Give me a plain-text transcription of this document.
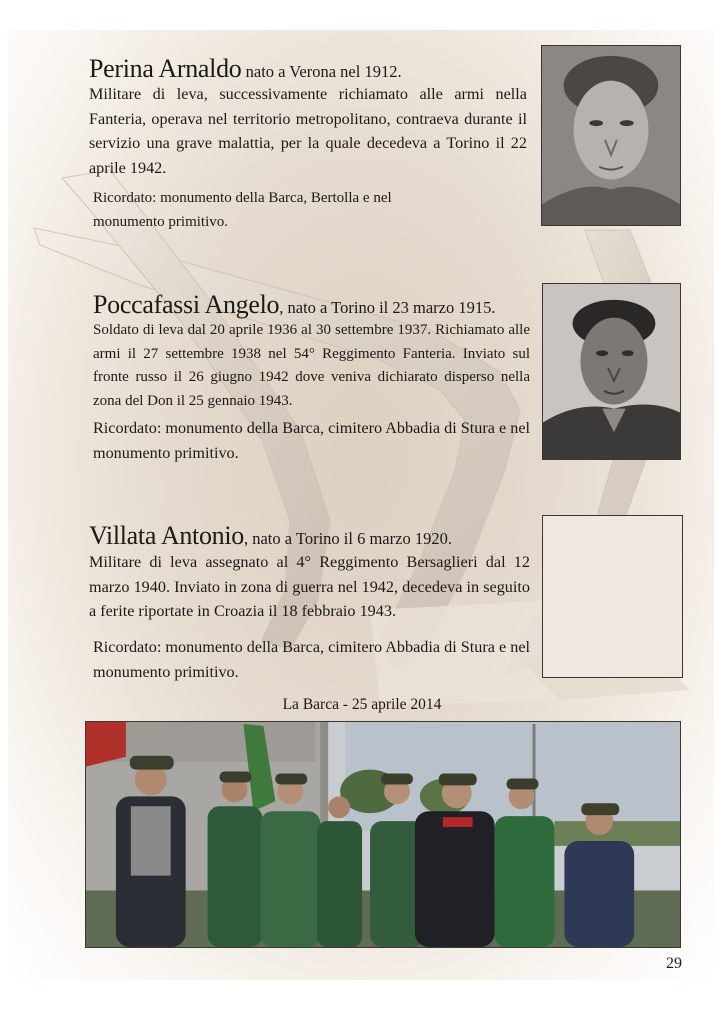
Perina Arnaldo nato a Verona nel 1912.

Militare di leva, successivamente richiamato alle armi nella Fanteria, operava nel territorio metropolitano, contraeva durante il servizio una grave malattia, per la quale decedeva a Torino il 22 aprile 1942.

Ricordato: monumento della Barca, Bertolla e nel monumento primitivo.

Poccafassi Angelo, nato a Torino il 23 marzo 1915.

Soldato di leva dal 20 aprile 1936 al 30 settembre 1937. Richiamato alle armi il 27 settembre 1938 nel 54° Reggimento Fanteria. Inviato sul fronte russo il 26 giugno 1942 dove veniva dichiarato disperso nella zona del Don il 25 gennaio 1943.

Ricordato: monumento della Barca, cimitero Abbadia di Stura e nel monumento primitivo.

Villata Antonio, nato a Torino il 6 marzo 1920.

Militare di leva assegnato al 4° Reggimento Bersaglieri dal 12 marzo 1940. Inviato in zona di guerra nel 1942, decedeva in seguito a ferite riportate in Croazia il 18 febbraio 1943.

Ricordato: monumento della Barca, cimitero Abbadia di Stura e nel monumento primitivo.

La Barca - 25 aprile 2014

29
